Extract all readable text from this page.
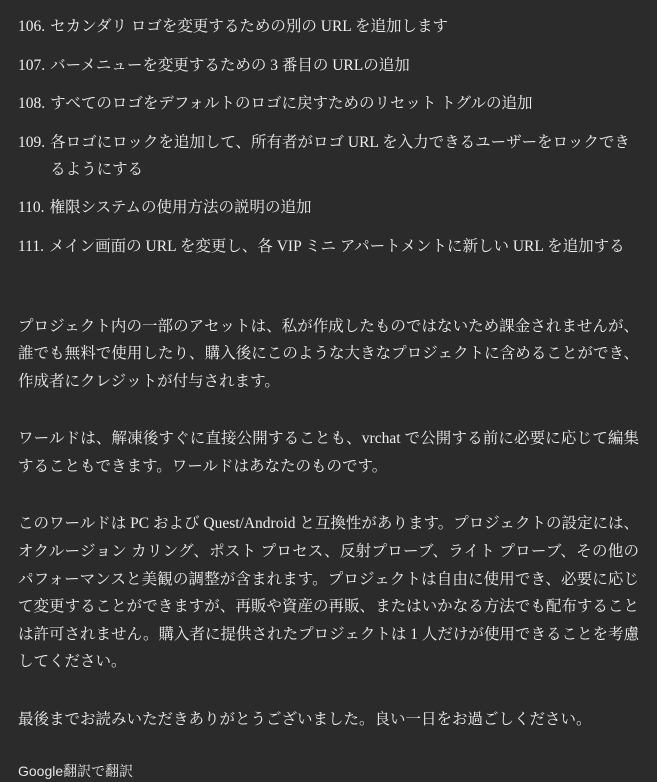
106. セカンダリ ロゴを変更するための別の URL を追加します
107. バーメニューを変更するための 3 番目の URLの追加
108. すべてのロゴをデフォルトのロゴに戻すためのリセット トグルの追加
109. 各ロゴにロックを追加して、所有者がロゴ URL を入力できるユーザーをロックできるようにする
110. 権限システムの使用方法の説明の追加
111. メイン画面の URL を変更し、各 VIP ミニ アパートメントに新しい URL を追加する

プロジェクト内の一部のアセットは、私が作成したものではないため課金されませんが、誰でも無料で使用したり、購入後にこのような大きなプロジェクトに含めることができ、作成者にクレジットが付与されます。

ワールドは、解凍後すぐに直接公開することも、vrchat で公開する前に必要に応じて編集することもできます。ワールドはあなたのものです。

このワールドは PC および Quest/Android と互換性があります。プロジェクトの設定には、オクルージョン カリング、ポスト プロセス、反射プローブ、ライト プローブ、その他のパフォーマンスと美観の調整が含まれます。プロジェクトは自由に使用でき、必要に応じて変更することができますが、再販や資産の再販、またはいかなる方法でも配布することは許可されません。購入者に提供されたプロジェクトは 1 人だけが使用できることを考慮してください。

最後までお読みいただきありがとうございました。良い一日をお過ごしください。

Google翻訳で翻訳
